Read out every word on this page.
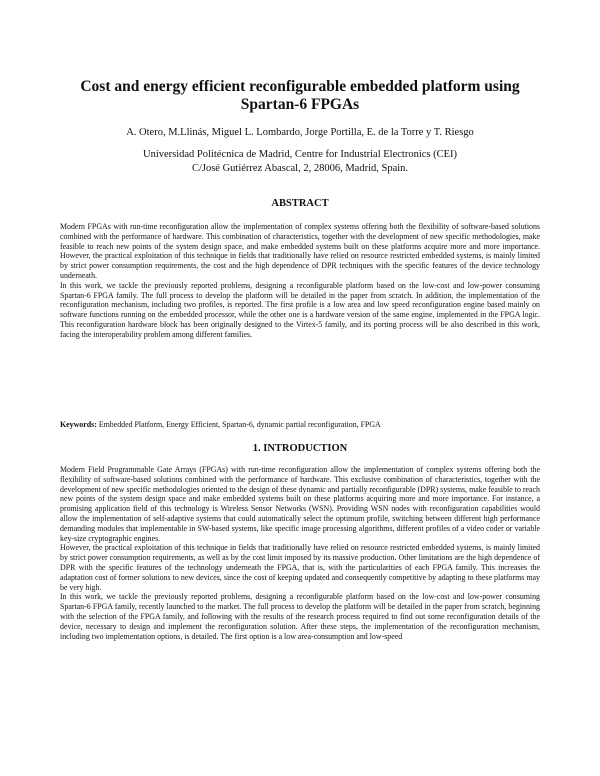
Cost and energy efficient reconfigurable embedded platform using
Spartan-6 FPGAs

A. Otero, M.Llinás, Miguel L. Lombardo, Jorge Portilla, E. de la Torre y T. Riesgo

Universidad Politécnica de Madrid, Centre for Industrial Electronics (CEI)
C/José Gutiérrez Abascal, 2, 28006, Madrid, Spain.

ABSTRACT

Modern FPGAs with run-time reconfiguration allow the implementation of complex systems offering both the flexibility of software-based solutions combined with the performance of hardware. This combination of characteristics, together with the development of new specific methodologies, make feasible to reach new points of the system design space, and make embedded systems built on these platforms acquire more and more importance. However, the practical exploitation of this technique in fields that traditionally have relied on resource restricted embedded systems, is mainly limited by strict power consumption requirements, the cost and the high dependence of DPR techniques with the specific features of the device technology underneath.

In this work, we tackle the previously reported problems, designing a reconfigurable platform based on the low-cost and low-power consuming Spartan-6 FPGA family. The full process to develop the platform will be detailed in the paper from scratch. In addition, the implementation of the reconfiguration mechanism, including two profiles, is reported. The first profile is a low area and low speed reconfiguration engine based mainly on software functions running on the embedded processor, while the other one is a hardware version of the same engine, implemented in the FPGA logic. This reconfiguration hardware block has been originally designed to the Virtex-5 family, and its porting process will be also described in this work, facing the interoperability problem among different families.

Keywords: Embedded Platform, Energy Efficient, Spartan-6, dynamic partial reconfiguration, FPGA

1. INTRODUCTION

Modern Field Programmable Gate Arrays (FPGAs) with run-time reconfiguration allow the implementation of complex systems offering both the flexibility of software-based solutions combined with the performance of hardware. This exclusive combination of characteristics, together with the development of new specific methodologies oriented to the design of these dynamic and partially reconfigurable (DPR) systems, make feasible to reach new points of the system design space and make embedded systems built on these platforms acquiring more and more importance. For instance, a promising application field of this technology is Wireless Sensor Networks (WSN). Providing WSN nodes with reconfiguration capabilities would allow the implementation of self-adaptive systems that could automatically select the optimum profile, switching between different high performance demanding modules that implementable in SW-based systems, like specific image processing algorithms, different profiles of a video coder or variable key-size cryptographic engines.

However, the practical exploitation of this technique in fields that traditionally have relied on resource restricted embedded systems, is mainly limited by strict power consumption requirements, as well as by the cost limit imposed by its massive production. Other limitations are the high dependence of DPR with the specific features of the technology underneath the FPGA, that is, with the particularities of each FPGA family. This increases the adaptation cost of former solutions to new devices, since the cost of keeping updated and consequently competitive by adapting to these platforms may be very high.

In this work, we tackle the previously reported problems, designing a reconfigurable platform based on the low-cost and low-power consuming Spartan-6 FPGA family, recently launched to the market. The full process to develop the platform will be detailed in the paper from scratch, beginning with the selection of the FPGA family, and following with the results of the research process required to find out some reconfiguration details of the device, necessary to design and implement the reconfiguration solution. After these steps, the implementation of the reconfiguration mechanism, including two implementation options, is detailed. The first option is a low area-consumption and low-speed
